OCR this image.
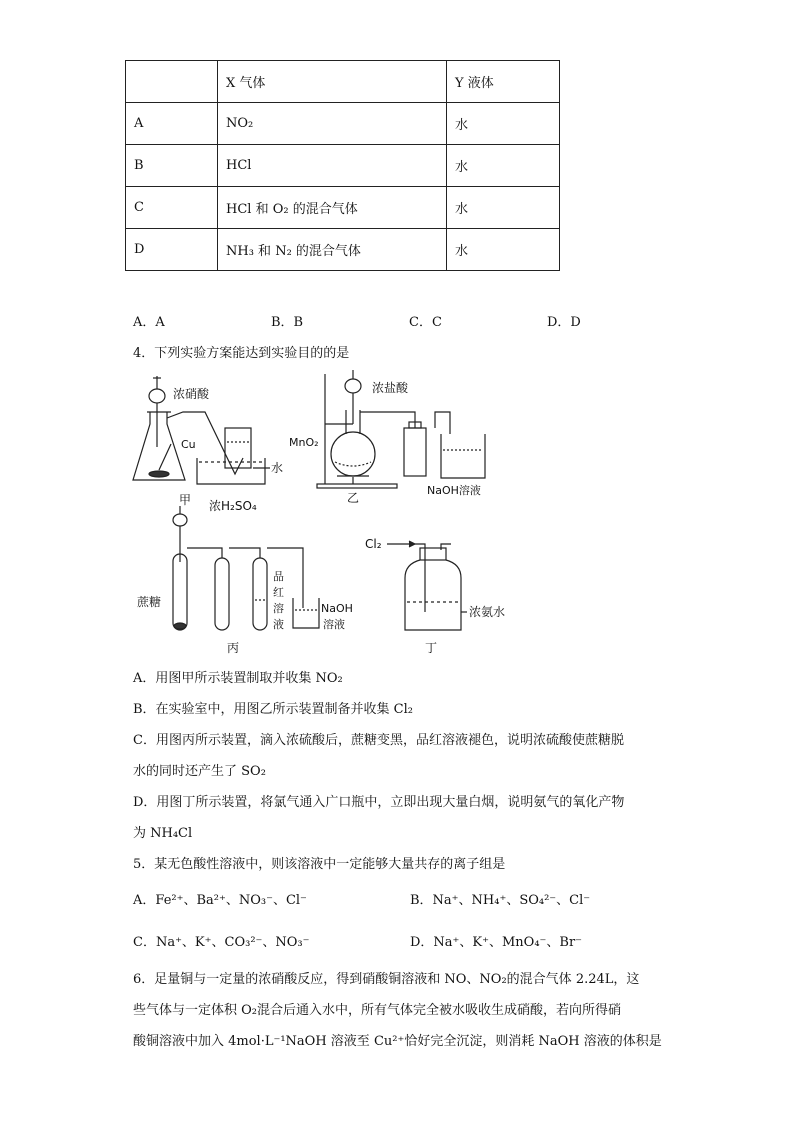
	X 气体	Y 液体
A	NO₂	水
B	HCl	水
C	HCl 和 O₂ 的混合气体	水
D	NH₃ 和 N₂ 的混合气体	水
A．A	B．B	C．C	D．D
4．下列实验方案能达到实验目的的是
浓硝酸
Cu
水
甲
浓盐酸
MnO₂
NaOH溶液
乙
浓H₂SO₄
蔗糖
品
红
溶
液
NaOH
溶液
丙
Cl₂
浓氨水
丁
A．用图甲所示装置制取并收集 NO₂
B．在实验室中，用图乙所示装置制备并收集 Cl₂
C．用图丙所示装置，滴入浓硫酸后，蔗糖变黑，品红溶液褪色，说明浓硫酸使蔗糖脱
水的同时还产生了 SO₂
D．用图丁所示装置，将氯气通入广口瓶中，立即出现大量白烟，说明氨气的氧化产物
为 NH₄Cl
5．某无色酸性溶液中，则该溶液中一定能够大量共存的离子组是
A．Fe²⁺、Ba²⁺、NO₃⁻、Cl⁻	B．Na⁺、NH₄⁺、SO₄²⁻、Cl⁻
C．Na⁺、K⁺、CO₃²⁻、NO₃⁻	D．Na⁺、K⁺、MnO₄⁻、Br⁻
6．足量铜与一定量的浓硝酸反应，得到硝酸铜溶液和 NO、NO₂的混合气体 2.24L，这
些气体与一定体积 O₂混合后通入水中，所有气体完全被水吸收生成硝酸，若向所得硝
酸铜溶液中加入 4mol·L⁻¹NaOH 溶液至 Cu²⁺恰好完全沉淀，则消耗 NaOH 溶液的体积是
